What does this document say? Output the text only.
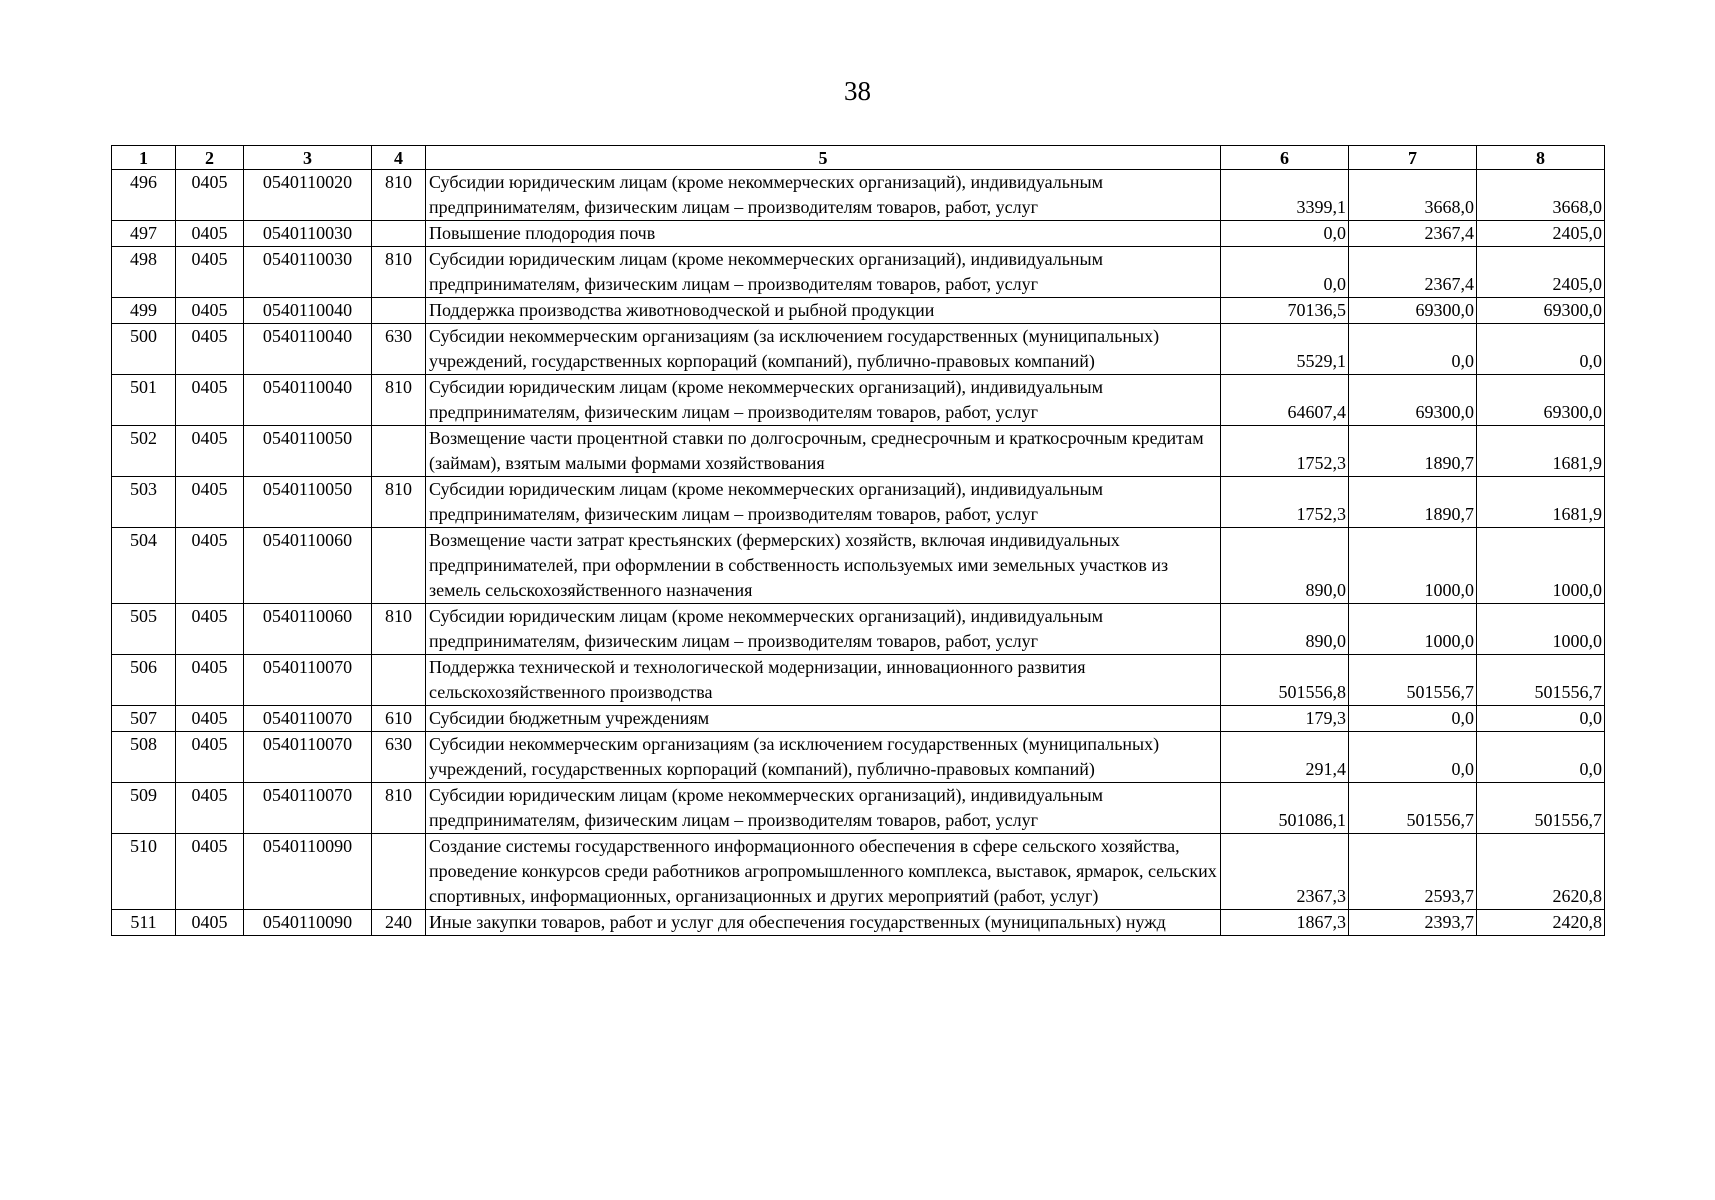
38
1	2	3	4	5	6	7	8
496	0405	0540110020	810	Субсидии юридическим лицам (кроме некоммерческих организаций), индивидуальным предпринимателям, физическим лицам – производителям товаров, работ, услуг	3399,1	3668,0	3668,0
497	0405	0540110030		Повышение плодородия почв	0,0	2367,4	2405,0
498	0405	0540110030	810	Субсидии юридическим лицам (кроме некоммерческих организаций), индивидуальным предпринимателям, физическим лицам – производителям товаров, работ, услуг	0,0	2367,4	2405,0
499	0405	0540110040		Поддержка производства животноводческой и рыбной продукции	70136,5	69300,0	69300,0
500	0405	0540110040	630	Субсидии некоммерческим организациям (за исключением государственных (муниципальных) учреждений, государственных корпораций (компаний), публично-правовых компаний)	5529,1	0,0	0,0
501	0405	0540110040	810	Субсидии юридическим лицам (кроме некоммерческих организаций), индивидуальным предпринимателям, физическим лицам – производителям товаров, работ, услуг	64607,4	69300,0	69300,0
502	0405	0540110050		Возмещение части процентной ставки по долгосрочным, среднесрочным и краткосрочным кредитам (займам), взятым малыми формами хозяйствования	1752,3	1890,7	1681,9
503	0405	0540110050	810	Субсидии юридическим лицам (кроме некоммерческих организаций), индивидуальным предпринимателям, физическим лицам – производителям товаров, работ, услуг	1752,3	1890,7	1681,9
504	0405	0540110060		Возмещение части затрат крестьянских (фермерских) хозяйств, включая индивидуальных предпринимателей, при оформлении в собственность используемых ими земельных участков из земель сельскохозяйственного назначения	890,0	1000,0	1000,0
505	0405	0540110060	810	Субсидии юридическим лицам (кроме некоммерческих организаций), индивидуальным предпринимателям, физическим лицам – производителям товаров, работ, услуг	890,0	1000,0	1000,0
506	0405	0540110070		Поддержка технической и технологической модернизации, инновационного развития сельскохозяйственного производства	501556,8	501556,7	501556,7
507	0405	0540110070	610	Субсидии бюджетным учреждениям	179,3	0,0	0,0
508	0405	0540110070	630	Субсидии некоммерческим организациям (за исключением государственных (муниципальных) учреждений, государственных корпораций (компаний), публично-правовых компаний)	291,4	0,0	0,0
509	0405	0540110070	810	Субсидии юридическим лицам (кроме некоммерческих организаций), индивидуальным предпринимателям, физическим лицам – производителям товаров, работ, услуг	501086,1	501556,7	501556,7
510	0405	0540110090		Создание системы государственного информационного обеспечения в сфере сельского хозяйства, проведение конкурсов среди работников агропромышленного комплекса, выставок, ярмарок, сельских спортивных, информационных, организационных и других мероприятий (работ, услуг)	2367,3	2593,7	2620,8
511	0405	0540110090	240	Иные закупки товаров, работ и услуг для обеспечения государственных (муниципальных) нужд	1867,3	2393,7	2420,8
